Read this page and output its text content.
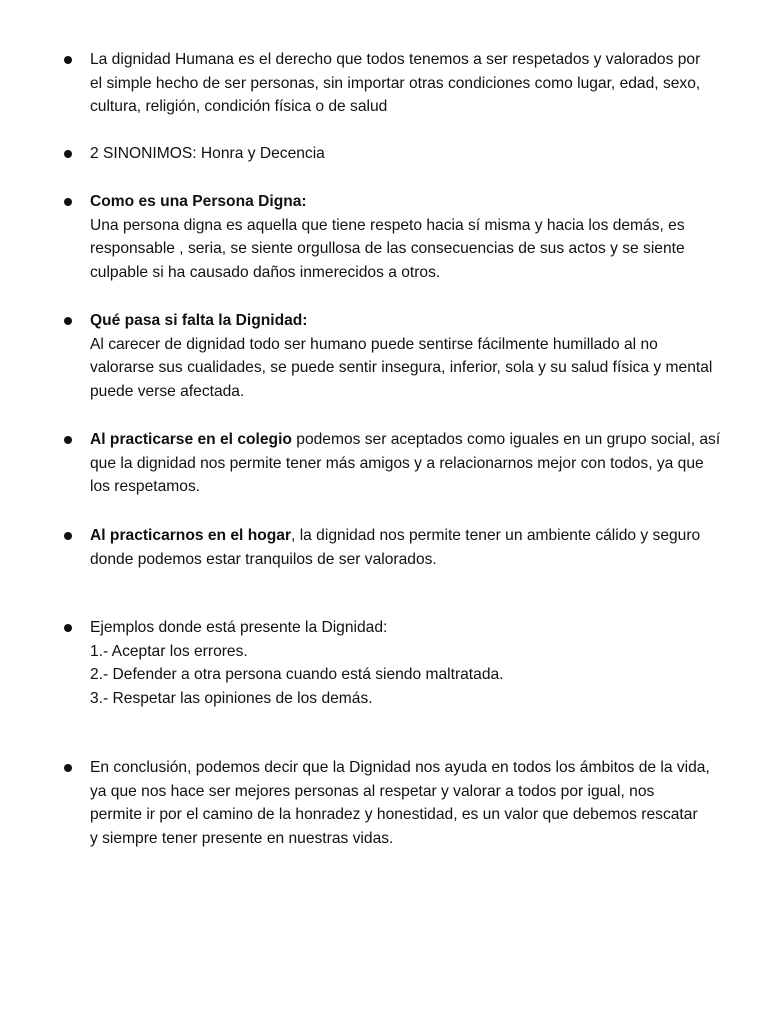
La dignidad Humana es el derecho que todos tenemos a ser respetados y valorados por
el simple hecho de ser personas, sin importar otras condiciones como lugar, edad, sexo,
cultura, religión, condición física o de salud
2 SINONIMOS: Honra y Decencia
Como es una Persona Digna:
Una persona digna es aquella que tiene respeto hacia sí misma y hacia los demás, es
responsable , seria, se siente orgullosa de las consecuencias de sus actos y se siente
culpable si ha causado daños inmerecidos a otros.
Qué pasa si falta la Dignidad:
Al carecer de dignidad todo ser humano puede sentirse fácilmente humillado al no
valorarse sus cualidades, se puede sentir insegura, inferior, sola y su salud física y mental
puede verse afectada.
Al practicarse en el colegio podemos ser aceptados como iguales en un grupo social, así
que la dignidad nos permite tener más amigos y a relacionarnos mejor con todos, ya que
los respetamos.
Al practicarnos en el hogar, la dignidad nos permite tener un ambiente cálido y seguro
donde podemos estar tranquilos de ser valorados.
Ejemplos donde está presente la Dignidad:
1.- Aceptar los errores.
2.- Defender a otra persona cuando está siendo maltratada.
3.- Respetar las opiniones de los demás.
En conclusión, podemos decir que la Dignidad nos ayuda en todos los ámbitos de la vida,
ya que nos hace ser mejores personas al respetar y valorar a todos por igual, nos
permite ir por el camino de la honradez y honestidad, es un valor que debemos rescatar
y siempre tener presente en nuestras vidas.
